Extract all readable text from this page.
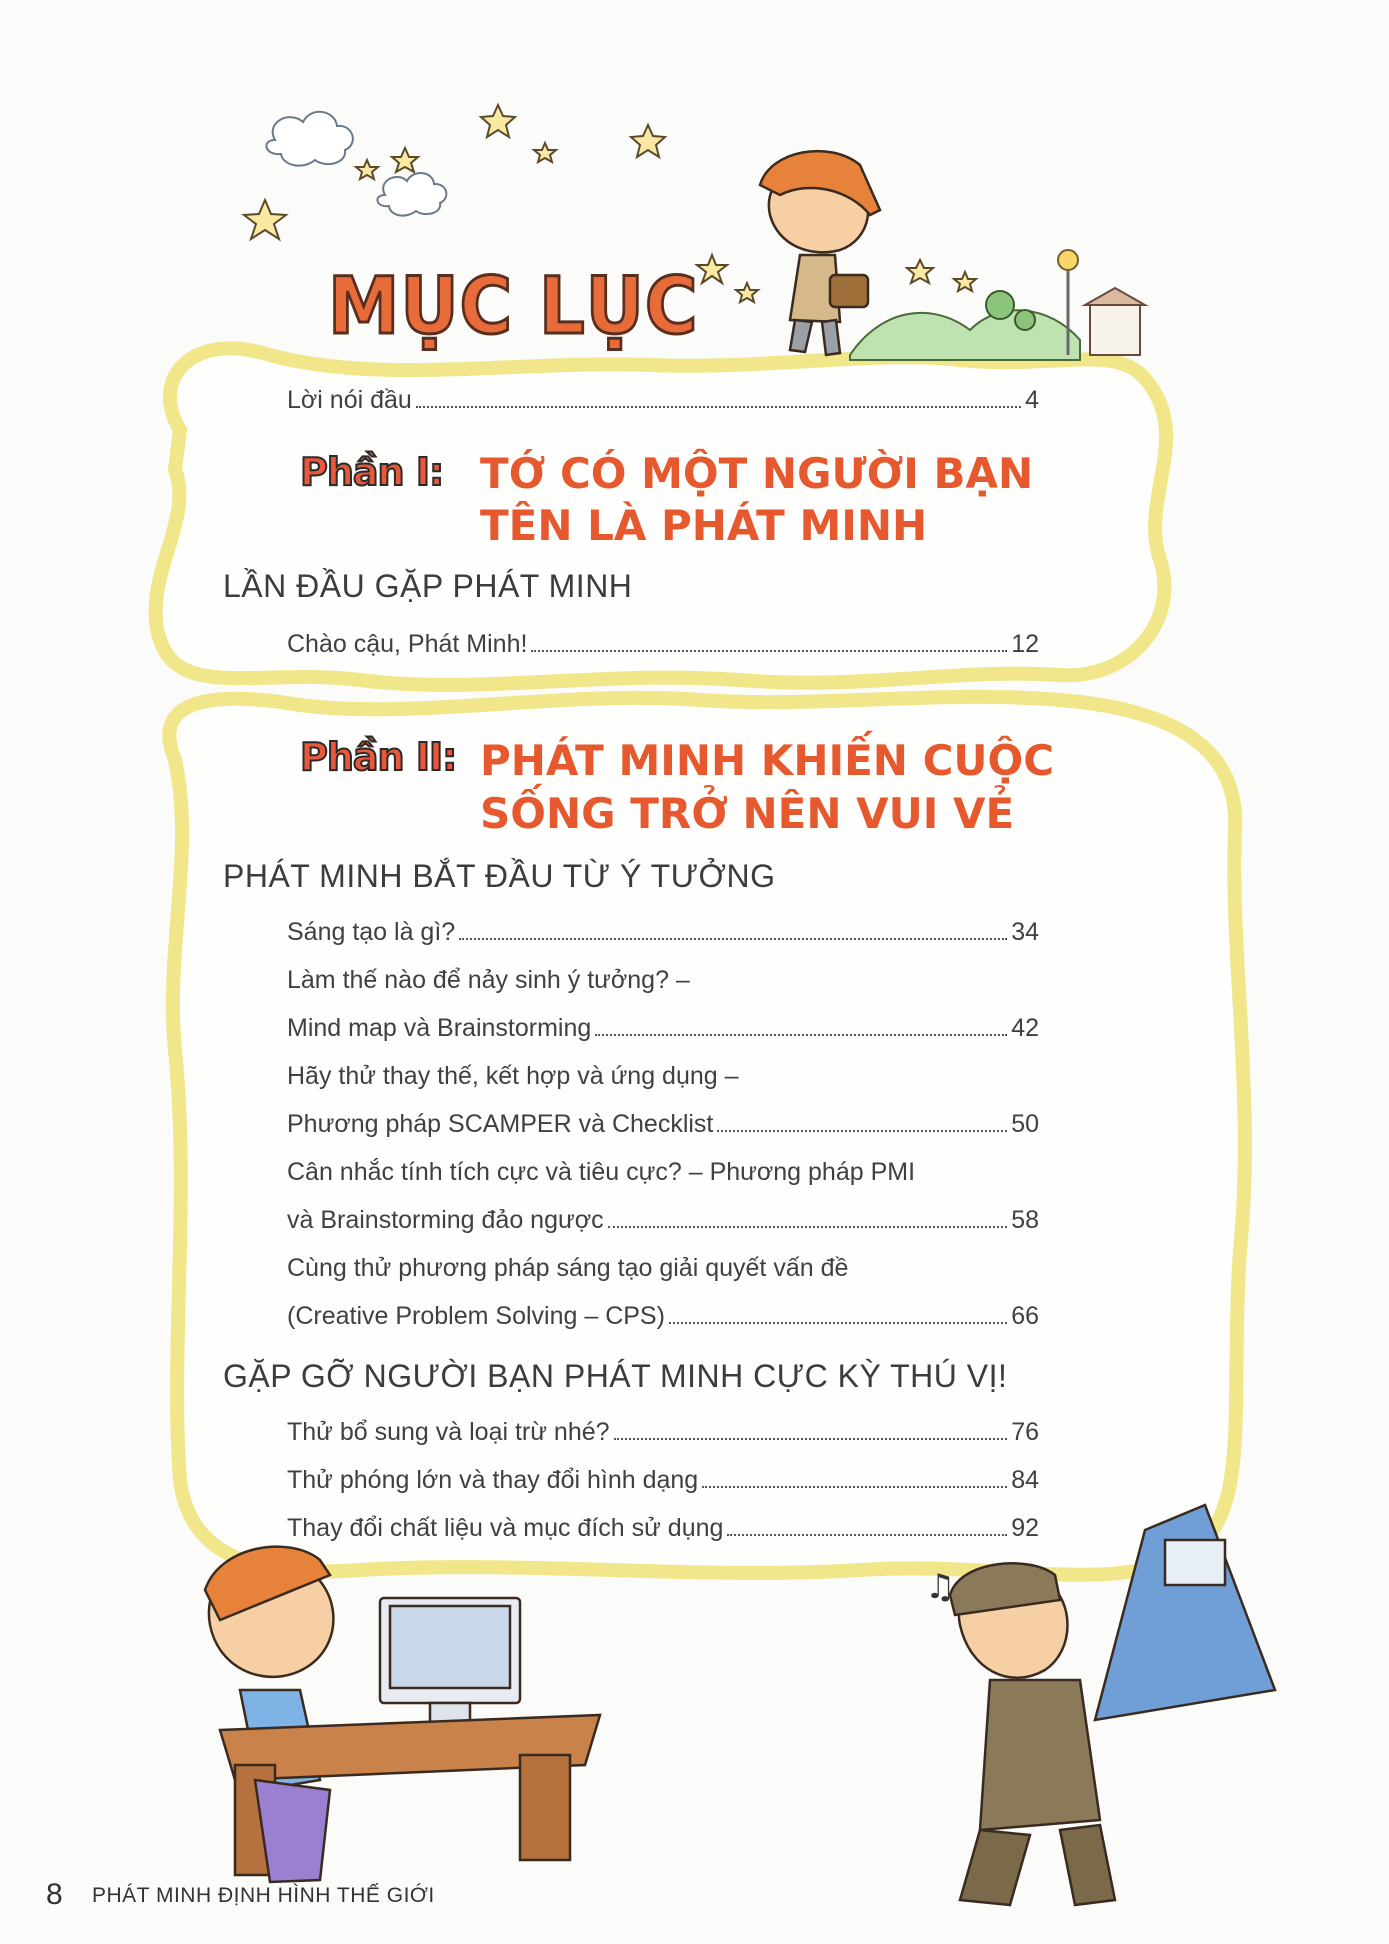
♫
MỤC LỤC
Lời nói đầu	4
Phần I: TỚ CÓ MỘT NGƯỜI BẠN
TÊN LÀ PHÁT MINH
LẦN ĐẦU GẶP PHÁT MINH
Chào cậu, Phát Minh!	12
Phần II: PHÁT MINH KHIẾN CUỘC
SỐNG TRỞ NÊN VUI VẺ
PHÁT MINH BẮT ĐẦU TỪ Ý TƯỞNG
Sáng tạo là gì?	34
Làm thế nào để nảy sinh ý tưởng? –
Mind map và Brainstorming	42
Hãy thử thay thế, kết hợp và ứng dụng –
Phương pháp SCAMPER và Checklist	50
Cân nhắc tính tích cực và tiêu cực? – Phương pháp PMI
và Brainstorming đảo ngược	58
Cùng thử phương pháp sáng tạo giải quyết vấn đề
(Creative Problem Solving – CPS)	66
GẶP GỠ NGƯỜI BẠN PHÁT MINH CỰC KỲ THÚ VỊ!
Thử bổ sung và loại trừ nhé?	76
Thử phóng lớn và thay đổi hình dạng	84
Thay đổi chất liệu và mục đích sử dụng	92
8 PHÁT MINH ĐỊNH HÌNH THẾ GIỚI
